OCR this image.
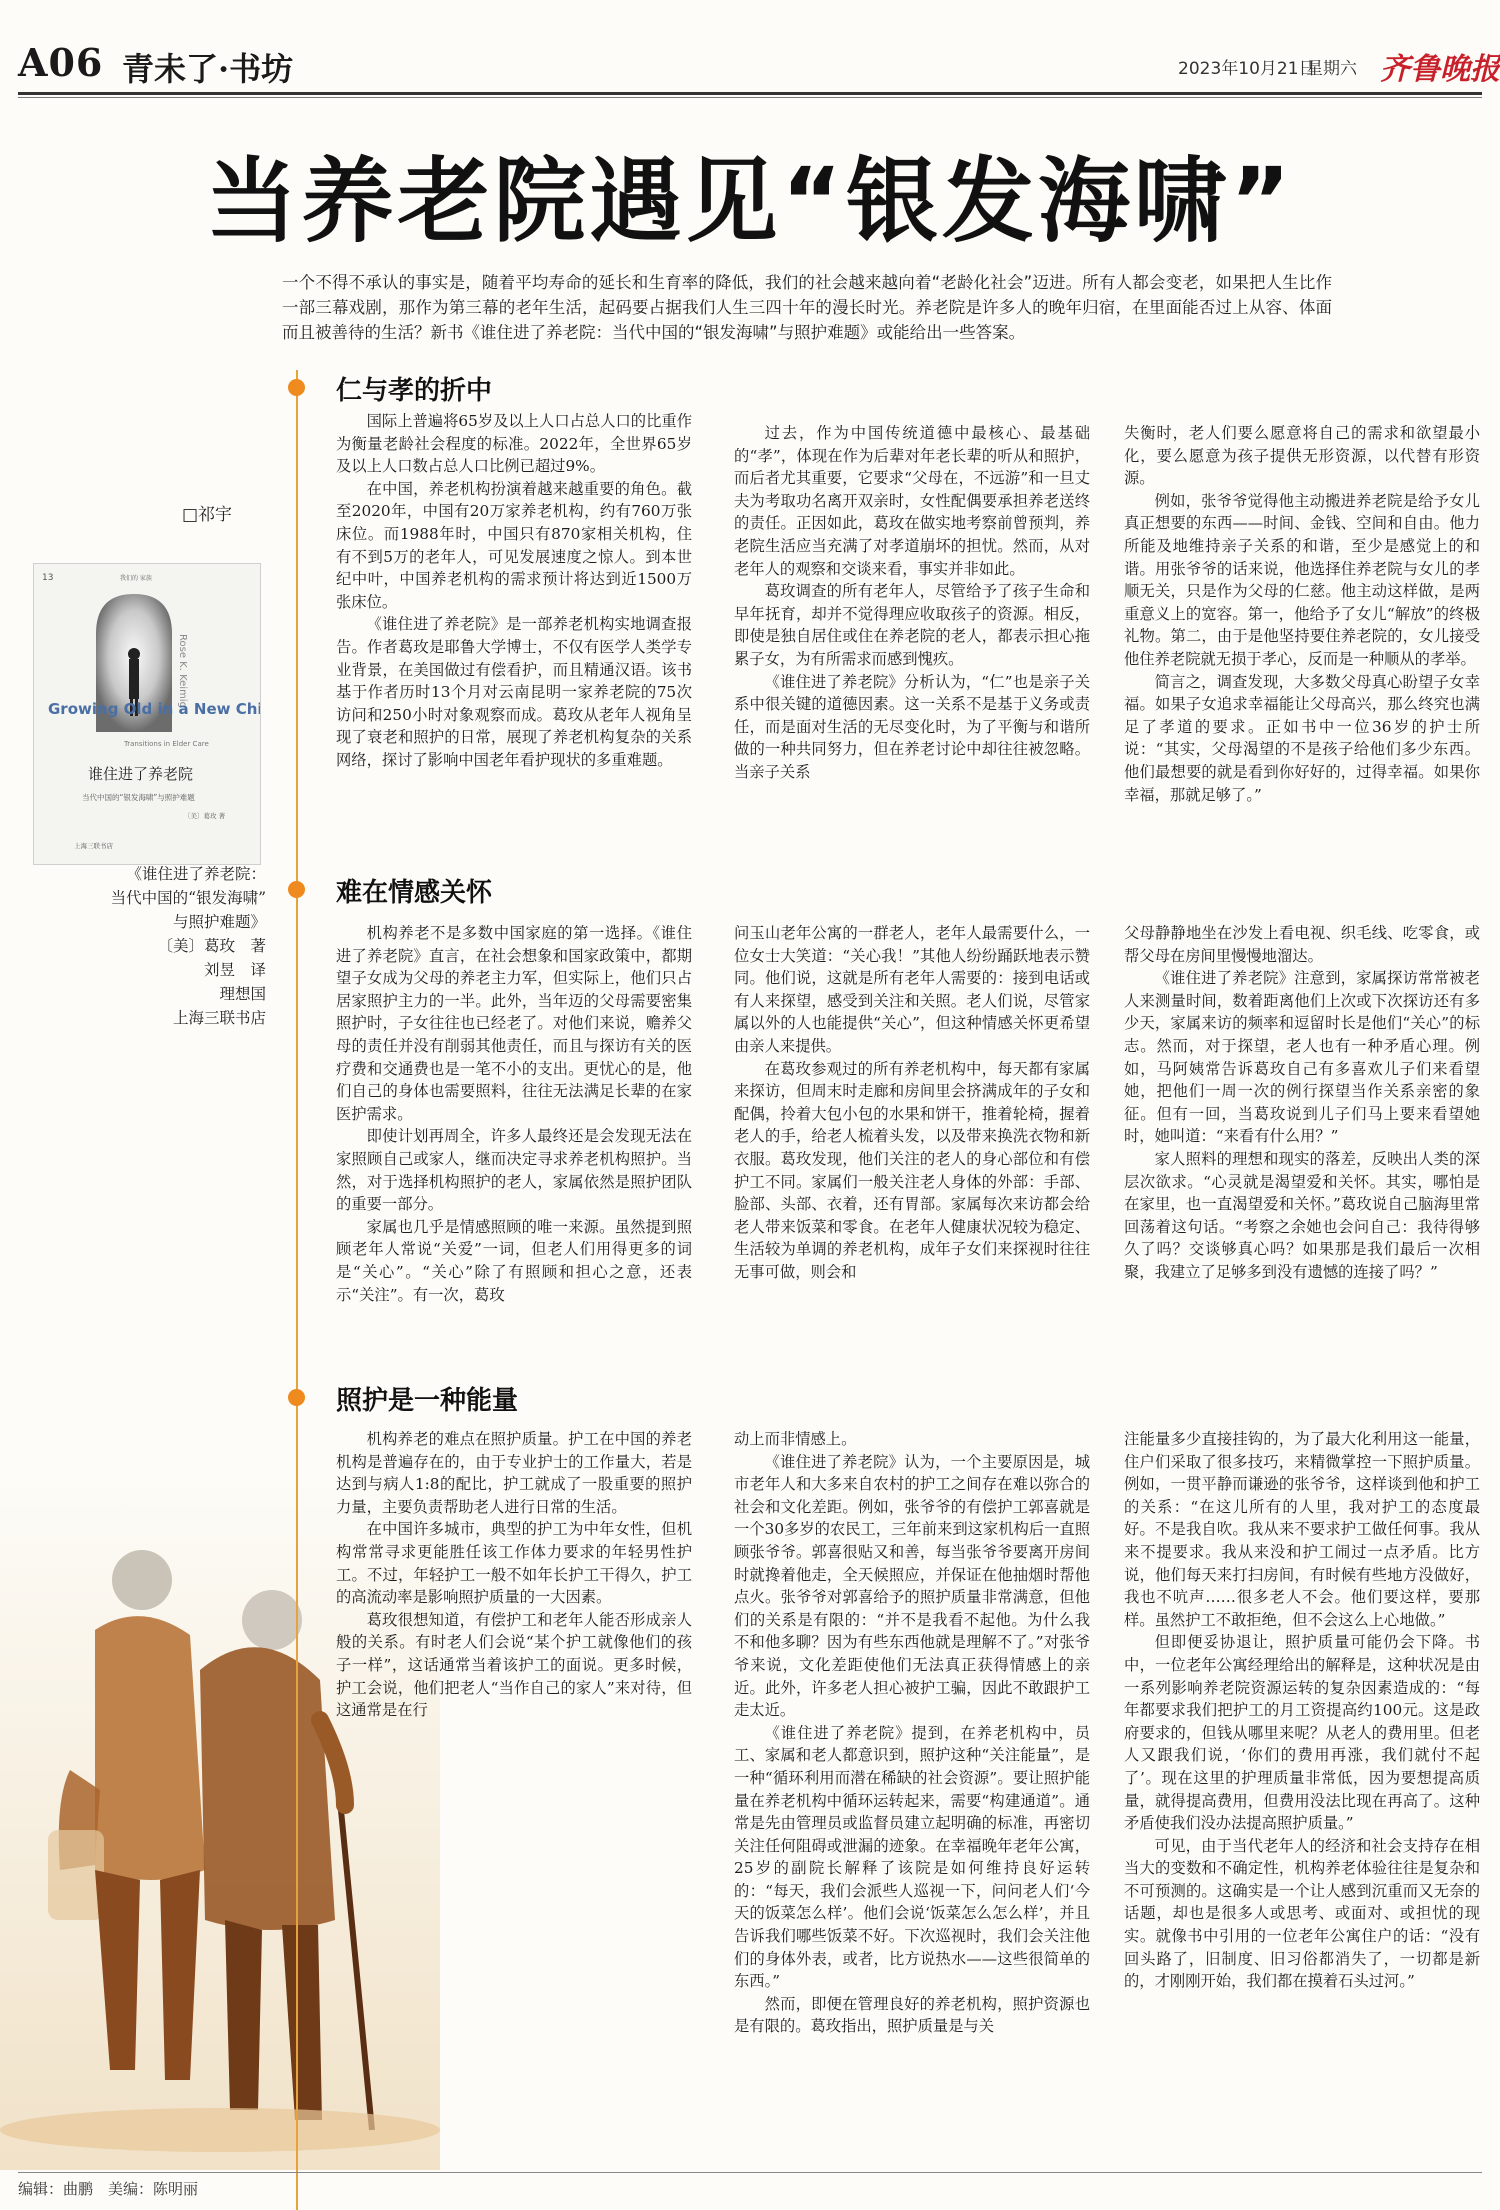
A06 青未了·书坊	2023年10月21日
星期六 齐鲁晚报
当养老院遇见“银发海啸”
一个不得不承认的事实是，随着平均寿命的延长和生育率的降低，我们的社会越来越向着“老龄化社会”迈进。所有人都会变老，如果把人生比作一部三幕戏剧，那作为第三幕的老年生活，起码要占据我们人生三四十年的漫长时光。养老院是许多人的晚年归宿，在里面能否过上从容、体面而且被善待的生活？新书《谁住进了养老院：当代中国的“银发海啸”与照护难题》或能给出一些答案。
□祁宇
13	我们的 家族
Rose K. Keimig
Growing Old in a New China
Transitions in Elder Care
谁住进了养老院
当代中国的“银发海啸”与照护难题
〔美〕葛玫 著
上海三联书店
《谁住进了养老院：
当代中国的“银发海啸”
与照护难题》
〔美〕葛玫　著
刘昱　译
理想国
上海三联书店
仁与孝的折中

国际上普遍将65岁及以上人口占总人口的比重作为衡量老龄社会程度的标准。2022年，全世界65岁及以上人口数占总人口比例已超过9%。

在中国，养老机构扮演着越来越重要的角色。截至2020年，中国有20万家养老机构，约有760万张床位。而1988年时，中国只有870家相关机构，住有不到5万的老年人，可见发展速度之惊人。到本世纪中叶，中国养老机构的需求预计将达到近1500万张床位。

《谁住进了养老院》是一部养老机构实地调查报告。作者葛玫是耶鲁大学博士，不仅有医学人类学专业背景，在美国做过有偿看护，而且精通汉语。该书基于作者历时13个月对云南昆明一家养老院的75次访问和250小时对象观察而成。葛玫从老年人视角呈现了衰老和照护的日常，展现了养老机构复杂的关系网络，探讨了影响中国老年看护现状的多重难题。

过去，作为中国传统道德中最核心、最基础的“孝”，体现在作为后辈对年老长辈的听从和照护，而后者尤其重要，它要求“父母在，不远游”和一旦丈夫为考取功名离开双亲时，女性配偶要承担养老送终的责任。正因如此，葛玫在做实地考察前曾预判，养老院生活应当充满了对孝道崩坏的担忧。然而，从对老年人的观察和交谈来看，事实并非如此。

葛玫调查的所有老年人，尽管给予了孩子生命和早年抚育，却并不觉得理应收取孩子的资源。相反，即使是独自居住或住在养老院的老人，都表示担心拖累子女，为有所需求而感到愧疚。

《谁住进了养老院》分析认为，“仁”也是亲子关系中很关键的道德因素。这一关系不是基于义务或责任，而是面对生活的无尽变化时，为了平衡与和谐所做的一种共同努力，但在养老讨论中却往往被忽略。当亲子关系

失衡时，老人们要么愿意将自己的需求和欲望最小化，要么愿意为孩子提供无形资源，以代替有形资源。

例如，张爷爷觉得他主动搬进养老院是给予女儿真正想要的东西——时间、金钱、空间和自由。他力所能及地维持亲子关系的和谐，至少是感觉上的和谐。用张爷爷的话来说，他选择住养老院与女儿的孝顺无关，只是作为父母的仁慈。他主动这样做，是两重意义上的宽容。第一，他给予了女儿“解放”的终极礼物。第二，由于是他坚持要住养老院的，女儿接受他住养老院就无损于孝心，反而是一种顺从的孝举。

简言之，调查发现，大多数父母真心盼望子女幸福。如果子女追求幸福能让父母高兴，那么终究也满足了孝道的要求。正如书中一位36岁的护士所说：“其实，父母渴望的不是孩子给他们多少东西。他们最想要的就是看到你好好的，过得幸福。如果你幸福，那就足够了。”

难在情感关怀

机构养老不是多数中国家庭的第一选择。《谁住进了养老院》直言，在社会想象和国家政策中，都期望子女成为父母的养老主力军，但实际上，他们只占居家照护主力的一半。此外，当年迈的父母需要密集照护时，子女往往也已经老了。对他们来说，赡养父母的责任并没有削弱其他责任，而且与探访有关的医疗费和交通费也是一笔不小的支出。更忧心的是，他们自己的身体也需要照料，往往无法满足长辈的在家医护需求。

即使计划再周全，许多人最终还是会发现无法在家照顾自己或家人，继而决定寻求养老机构照护。当然，对于选择机构照护的老人，家属依然是照护团队的重要一部分。

家属也几乎是情感照顾的唯一来源。虽然提到照顾老年人常说“关爱”一词，但老人们用得更多的词是“关心”。“关心”除了有照顾和担心之意，还表示“关注”。有一次，葛玫

问玉山老年公寓的一群老人，老年人最需要什么，一位女士大笑道：“关心我！”其他人纷纷踊跃地表示赞同。他们说，这就是所有老年人需要的：接到电话或有人来探望，感受到关注和关照。老人们说，尽管家属以外的人也能提供“关心”，但这种情感关怀更希望由亲人来提供。

在葛玫参观过的所有养老机构中，每天都有家属来探访，但周末时走廊和房间里会挤满成年的子女和配偶，拎着大包小包的水果和饼干，推着轮椅，握着老人的手，给老人梳着头发，以及带来换洗衣物和新衣服。葛玫发现，他们关注的老人的身心部位和有偿护工不同。家属们一般关注老人身体的外部：手部、脸部、头部、衣着，还有胃部。家属每次来访都会给老人带来饭菜和零食。在老年人健康状况较为稳定、生活较为单调的养老机构，成年子女们来探视时往往无事可做，则会和

父母静静地坐在沙发上看电视、织毛线、吃零食，或帮父母在房间里慢慢地溜达。

《谁住进了养老院》注意到，家属探访常常被老人来测量时间，数着距离他们上次或下次探访还有多少天，家属来访的频率和逗留时长是他们“关心”的标志。然而，对于探望，老人也有一种矛盾心理。例如，马阿姨常告诉葛玫自己有多喜欢儿子们来看望她，把他们一周一次的例行探望当作关系亲密的象征。但有一回，当葛玫说到儿子们马上要来看望她时，她叫道：“来看有什么用？”

家人照料的理想和现实的落差，反映出人类的深层次欲求。“心灵就是渴望爱和关怀。其实，哪怕是在家里，也一直渴望爱和关怀。”葛玫说自己脑海里常回荡着这句话。“考察之余她也会问自己：我待得够久了吗？交谈够真心吗？如果那是我们最后一次相聚，我建立了足够多到没有遗憾的连接了吗？”

照护是一种能量

机构养老的难点在照护质量。护工在中国的养老机构是普遍存在的，由于专业护士的工作量大，若是达到与病人1:8的配比，护工就成了一股重要的照护力量，主要负责帮助老人进行日常的生活。

在中国许多城市，典型的护工为中年女性，但机构常常寻求更能胜任该工作体力要求的年轻男性护工。不过，年轻护工一般不如年长护工干得久，护工的高流动率是影响照护质量的一大因素。

葛玫很想知道，有偿护工和老年人能否形成亲人般的关系。有时老人们会说“某个护工就像他们的孩子一样”，这话通常当着该护工的面说。更多时候，护工会说，他们把老人“当作自己的家人”来对待，但这通常是在行

动上而非情感上。

《谁住进了养老院》认为，一个主要原因是，城市老年人和大多来自农村的护工之间存在难以弥合的社会和文化差距。例如，张爷爷的有偿护工郭喜就是一个30多岁的农民工，三年前来到这家机构后一直照顾张爷爷。郭喜很贴又和善，每当张爷爷要离开房间时就搀着他走，全天候照应，并保证在他抽烟时帮他点火。张爷爷对郭喜给予的照护质量非常满意，但他们的关系是有限的：“并不是我看不起他。为什么我不和他多聊？因为有些东西他就是理解不了。”对张爷爷来说，文化差距使他们无法真正获得情感上的亲近。此外，许多老人担心被护工骗，因此不敢跟护工走太近。

《谁住进了养老院》提到，在养老机构中，员工、家属和老人都意识到，照护这种“关注能量”，是一种“循环利用而潜在稀缺的社会资源”。要让照护能量在养老机构中循环运转起来，需要“构建通道”。通常是先由管理员或监督员建立起明确的标准，再密切关注任何阻碍或泄漏的迹象。在幸福晚年老年公寓，25岁的副院长解释了该院是如何维持良好运转的：“每天，我们会派些人巡视一下，问问老人们‘今天的饭菜怎么样’。他们会说‘饭菜怎么怎么样’，并且告诉我们哪些饭菜不好。下次巡视时，我们会关注他们的身体外表，或者，比方说热水——这些很简单的东西。”

然而，即便在管理良好的养老机构，照护资源也是有限的。葛玫指出，照护质量是与关

注能量多少直接挂钩的，为了最大化利用这一能量，住户们采取了很多技巧，来精微掌控一下照护质量。例如，一贯平静而谦逊的张爷爷，这样谈到他和护工的关系：“在这儿所有的人里，我对护工的态度最好。不是我自吹。我从来不要求护工做任何事。我从来不提要求。我从来没和护工闹过一点矛盾。比方说，他们每天来打扫房间，有时候有些地方没做好，我也不吭声……很多老人不会。他们要这样，要那样。虽然护工不敢拒绝，但不会这么上心地做。”

但即便妥协退让，照护质量可能仍会下降。书中，一位老年公寓经理给出的解释是，这种状况是由一系列影响养老院资源运转的复杂因素造成的：“每年都要求我们把护工的月工资提高约100元。这是政府要求的，但钱从哪里来呢？从老人的费用里。但老人又跟我们说，‘你们的费用再涨，我们就付不起了’。现在这里的护理质量非常低，因为要想提高质量，就得提高费用，但费用没法比现在再高了。这种矛盾使我们没办法提高照护质量。”

可见，由于当代老年人的经济和社会支持存在相当大的变数和不确定性，机构养老体验往往是复杂和不可预测的。这确实是一个让人感到沉重而又无奈的话题，却也是很多人或思考、或面对、或担忧的现实。就像书中引用的一位老年公寓住户的话：“没有回头路了，旧制度、旧习俗都消失了，一切都是新的，才刚刚开始，我们都在摸着石头过河。”

编辑：曲鹏　美编：陈明丽
